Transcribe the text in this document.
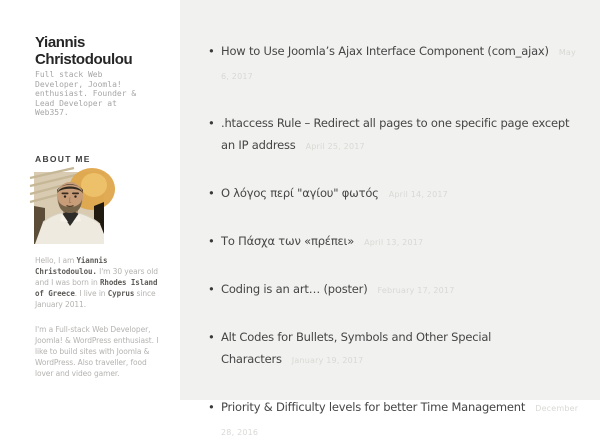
Yiannis Christodoulou

Full stack Web Developer, Joomla! enthusiast. Founder & Lead Developer at Web357.

ABOUT ME

Hello, I am Yiannis Christodoulou. I'm 30 years old and I was born in Rhodes Island of Greece. I live in Cyprus since January 2011.

I'm a Full-stack Web Developer, Joomla! & WordPress enthusiast. I like to build sites with Joomla & WordPress. Also traveller, food lover and video gamer.

• How to Use Joomla’s Ajax Interface Component (com_ajax) May 6, 2017
• .htaccess Rule – Redirect all pages to one specific page except an IP address April 25, 2017
• Ο λόγος περί "αγίου" φωτός April 14, 2017
• Το Πάσχα των «πρέπει» April 13, 2017
• Coding is an art… (poster) February 17, 2017
• Alt Codes for Bullets, Symbols and Other Special Characters January 19, 2017
• Priority & Difficulty levels for better Time Management December 28, 2016
